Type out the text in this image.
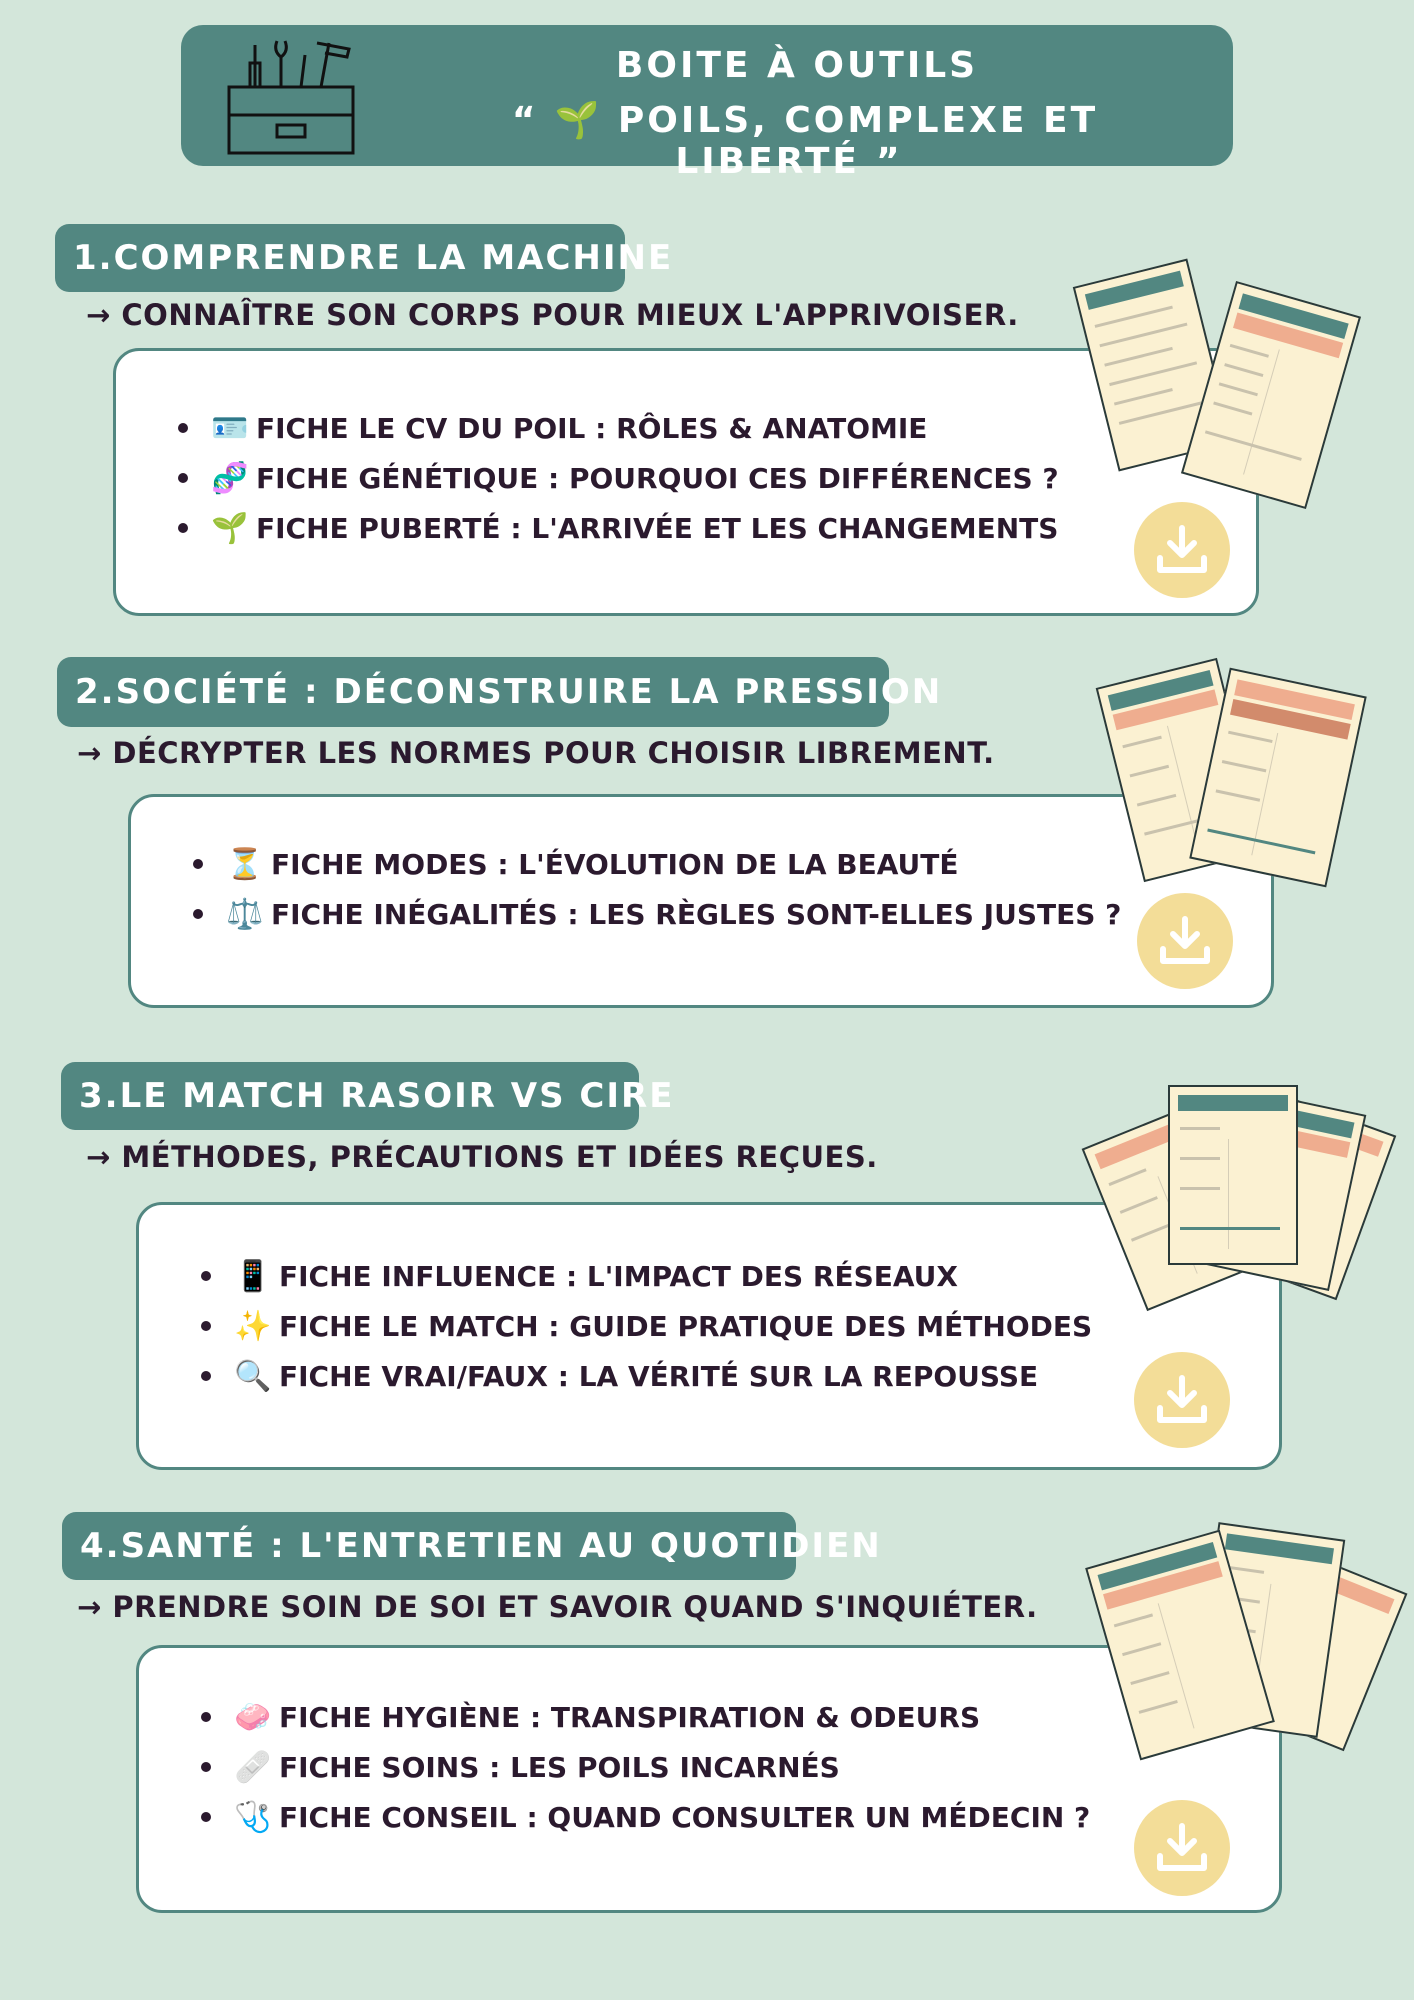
BOITE À OUTILS
“ 🌱 POILS, COMPLEXE ET LIBERTÉ ”
1.COMPRENDRE LA MACHINE
→ CONNAÎTRE SON CORPS POUR MIEUX L'APPRIVOISER.
🪪 FICHE LE CV DU POIL : RÔLES & ANATOMIE
🧬 FICHE GÉNÉTIQUE : POURQUOI CES DIFFÉRENCES ?
🌱 FICHE PUBERTÉ : L'ARRIVÉE ET LES CHANGEMENTS
2.SOCIÉTÉ : DÉCONSTRUIRE LA PRESSION
→ DÉCRYPTER LES NORMES POUR CHOISIR LIBREMENT.
⏳ FICHE MODES : L'ÉVOLUTION DE LA BEAUTÉ
⚖️ FICHE INÉGALITÉS : LES RÈGLES SONT-ELLES JUSTES ?
3.LE MATCH RASOIR VS CIRE
→ MÉTHODES, PRÉCAUTIONS ET IDÉES REÇUES.
📱 FICHE INFLUENCE : L'IMPACT DES RÉSEAUX
✨ FICHE LE MATCH : GUIDE PRATIQUE DES MÉTHODES
🔍 FICHE VRAI/FAUX : LA VÉRITÉ SUR LA REPOUSSE
4.SANTÉ : L'ENTRETIEN AU QUOTIDIEN
→ PRENDRE SOIN DE SOI ET SAVOIR QUAND S'INQUIÉTER.
🧼 FICHE HYGIÈNE : TRANSPIRATION & ODEURS
🩹 FICHE SOINS : LES POILS INCARNÉS
🩺 FICHE CONSEIL : QUAND CONSULTER UN MÉDECIN ?
